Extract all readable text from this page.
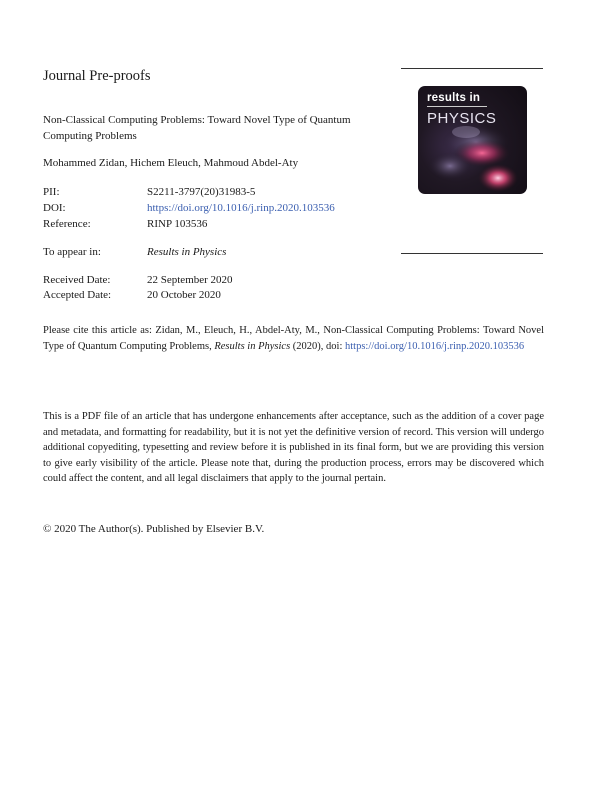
Journal Pre-proofs
Non-Classical Computing Problems: Toward Novel Type of Quantum Computing Problems
Mohammed Zidan, Hichem Eleuch, Mahmoud Abdel-Aty
PII:	S2211-3797(20)31983-5
DOI:	https://doi.org/10.1016/j.rinp.2020.103536
Reference:	RINP 103536
To appear in:	Results in Physics
Received Date:	22 September 2020
Accepted Date:	20 October 2020
results in
PHYSICS
Please cite this article as: Zidan, M., Eleuch, H., Abdel-Aty, M., Non-Classical Computing Problems: Toward Novel Type of Quantum Computing Problems, Results in Physics (2020), doi: https://doi.org/10.1016/j.rinp.2020.103536
This is a PDF file of an article that has undergone enhancements after acceptance, such as the addition of a cover page and metadata, and formatting for readability, but it is not yet the definitive version of record. This version will undergo additional copyediting, typesetting and review before it is published in its final form, but we are providing this version to give early visibility of the article. Please note that, during the production process, errors may be discovered which could affect the content, and all legal disclaimers that apply to the journal pertain.
© 2020 The Author(s). Published by Elsevier B.V.
